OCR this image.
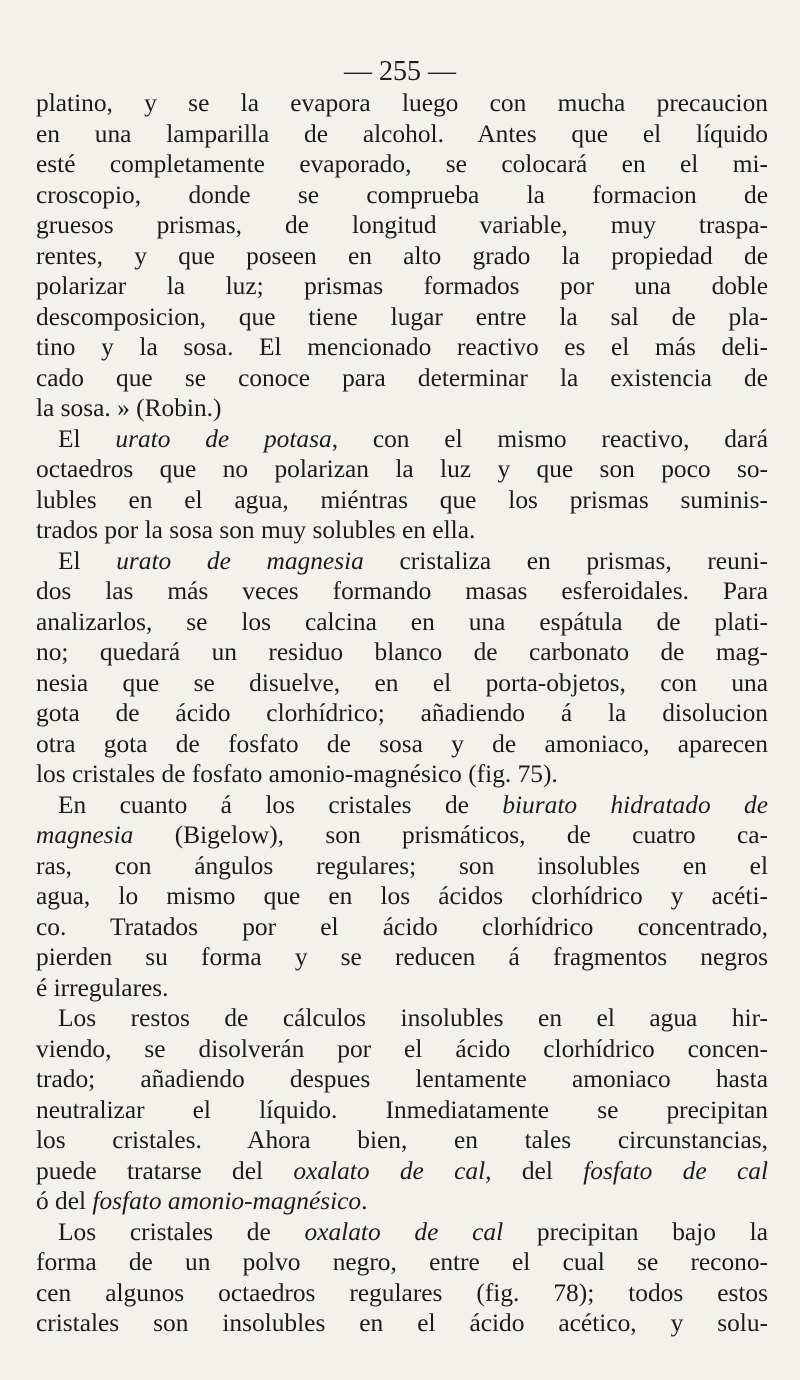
— 255 —
platino, y se la evapora luego con mucha precaucion
en una lamparilla de alcohol. Antes que el líquido
esté completamente evaporado, se colocará en el mi-
croscopio, donde se comprueba la formacion de
gruesos prismas, de longitud variable, muy traspa-
rentes, y que poseen en alto grado la propiedad de
polarizar la luz; prismas formados por una doble
descomposicion, que tiene lugar entre la sal de pla-
tino y la sosa. El mencionado reactivo es el más deli-
cado que se conoce para determinar la existencia de
la sosa. » (Robin.)
El urato de potasa, con el mismo reactivo, dará
octaedros que no polarizan la luz y que son poco so-
lubles en el agua, miéntras que los prismas suminis-
trados por la sosa son muy solubles en ella.
El urato de magnesia cristaliza en prismas, reuni-
dos las más veces formando masas esferoidales. Para
analizarlos, se los calcina en una espátula de plati-
no; quedará un residuo blanco de carbonato de mag-
nesia que se disuelve, en el porta-objetos, con una
gota de ácido clorhídrico; añadiendo á la disolucion
otra gota de fosfato de sosa y de amoniaco, aparecen
los cristales de fosfato amonio-magnésico (fig. 75).
En cuanto á los cristales de biurato hidratado de
magnesia (Bigelow), son prismáticos, de cuatro ca-
ras, con ángulos regulares; son insolubles en el
agua, lo mismo que en los ácidos clorhídrico y acéti-
co. Tratados por el ácido clorhídrico concentrado,
pierden su forma y se reducen á fragmentos negros
é irregulares.
Los restos de cálculos insolubles en el agua hir-
viendo, se disolverán por el ácido clorhídrico concen-
trado; añadiendo despues lentamente amoniaco hasta
neutralizar el líquido. Inmediatamente se precipitan
los cristales. Ahora bien, en tales circunstancias,
puede tratarse del oxalato de cal, del fosfato de cal
ó del fosfato amonio-magnésico.
Los cristales de oxalato de cal precipitan bajo la
forma de un polvo negro, entre el cual se recono-
cen algunos octaedros regulares (fig. 78); todos estos
cristales son insolubles en el ácido acético, y solu-
